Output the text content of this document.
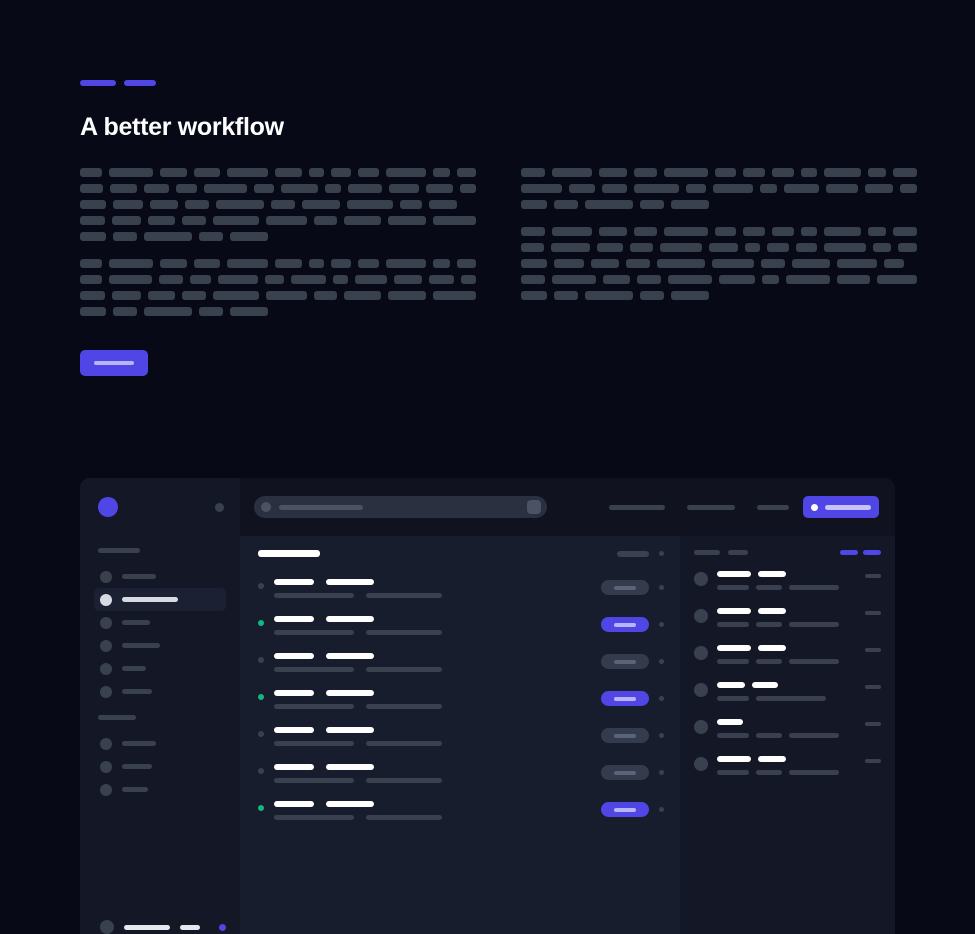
A better workflow
